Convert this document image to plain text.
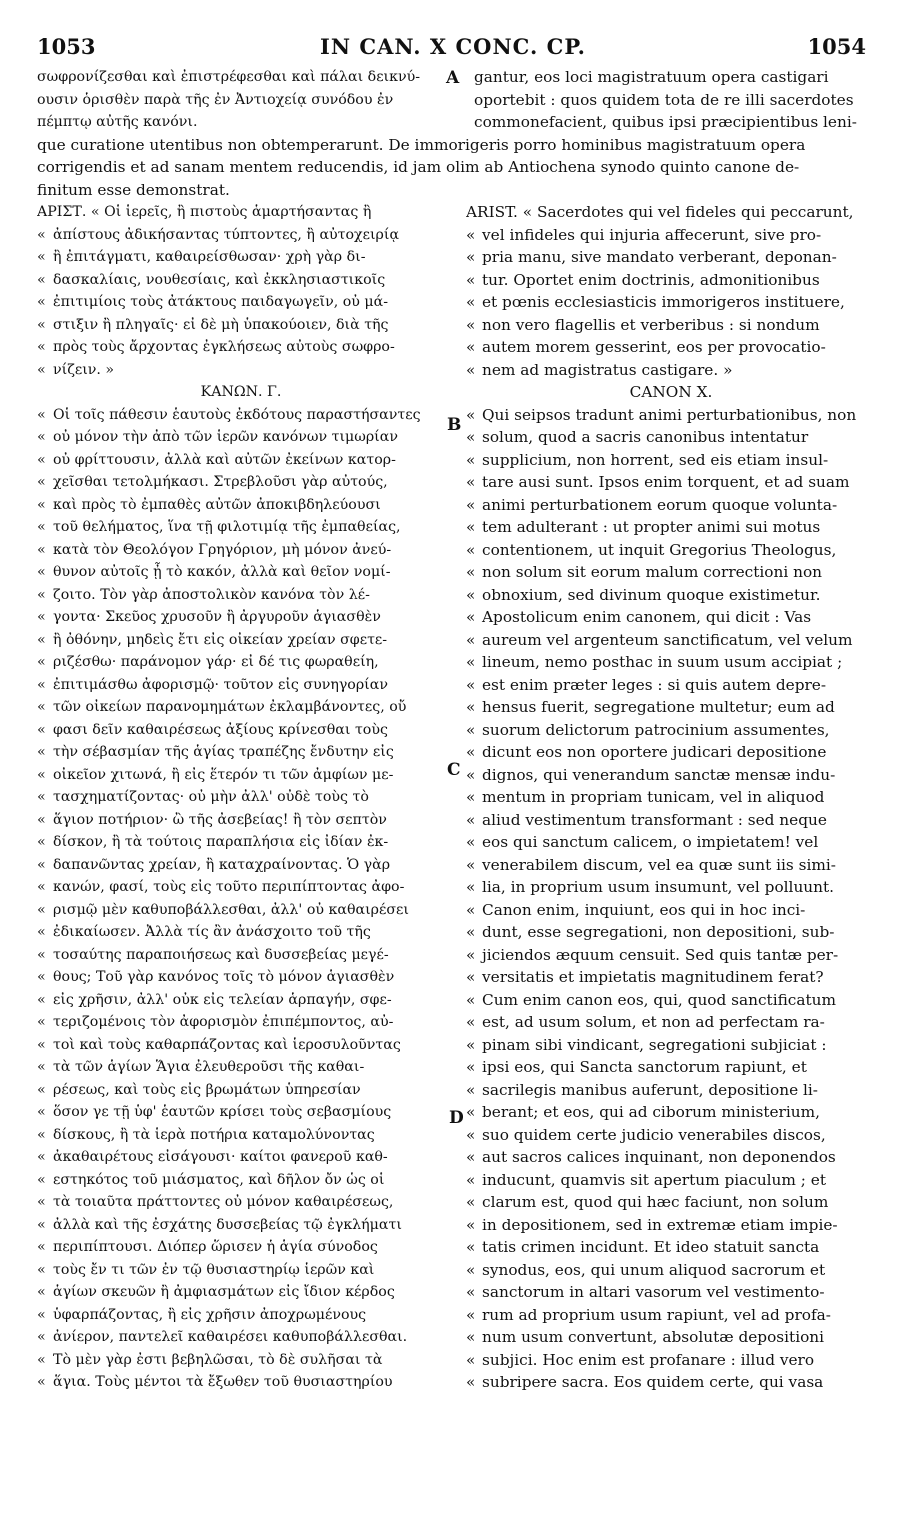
1053	IN CAN. X CONC. CP.	1054
σωφρονίζεσθαι καὶ ἐπιστρέφεσθαι καὶ πάλαι δεικνύ-
ουσιν ὁρισθὲν παρὰ τῆς ἐν Ἀντιοχείᾳ συνόδου ἐν
πέμπτῳ αὐτῆς κανόνι.
gantur, eos loci magistratuum opera castigari
oportebit : quos quidem tota de re illi sacerdotes
commonefacient, quibus ipsi præcipientibus leni-
que curatione utentibus non obtemperarunt. De immorigeris porro hominibus magistratuum opera
corrigendis et ad sanam mentem reducendis, id jam olim ab Antiochena synodo quinto canone de-
finitum esse demonstrat.
A
B
C
D
ΑΡΙΣΤ. « Οἱ ἱερεῖς, ἢ πιστοὺς ἁμαρτήσαντας ἢ
« ἀπίστους ἀδικήσαντας τύπτοντες, ἢ αὐτοχειρίᾳ
« ἢ ἐπιτάγματι, καθαιρείσθωσαν· χρὴ γὰρ δι-
« δασκαλίαις, νουθεσίαις, καὶ ἐκκλησιαστικοῖς
« ἐπιτιμίοις τοὺς ἀτάκτους παιδαγωγεῖν, οὐ μά-
« στιξιν ἢ πληγαῖς· εἰ δὲ μὴ ὑπακούοιεν, διὰ τῆς
« πρὸς τοὺς ἄρχοντας ἐγκλήσεως αὐτοὺς σωφρο-
« νίζειν. »
ΚΑΝΩΝ. Γ.
« Οἱ τοῖς πάθεσιν ἑαυτοὺς ἐκδότους παραστήσαντες
« οὐ μόνον τὴν ἀπὸ τῶν ἱερῶν κανόνων τιμωρίαν
« οὐ φρίττουσιν, ἀλλὰ καὶ αὐτῶν ἐκείνων κατορ-
« χεῖσθαι τετολμήκασι. Στρεβλοῦσι γὰρ αὐτούς,
« καὶ πρὸς τὸ ἐμπαθὲς αὐτῶν ἀποκιβδηλεύουσι
« τοῦ θελήματος, ἵνα τῇ φιλοτιμίᾳ τῆς ἐμπαθείας,
« κατὰ τὸν Θεολόγον Γρηγόριον, μὴ μόνον ἀνεύ-
« θυνον αὐτοῖς ᾖ τὸ κακόν, ἀλλὰ καὶ θεῖον νομί-
« ζοιτο. Τὸν γὰρ ἀποστολικὸν κανόνα τὸν λέ-
« γοντα· Σκεῦος χρυσοῦν ἢ ἀργυροῦν ἁγιασθὲν
« ἢ ὀθόνην, μηδεὶς ἔτι εἰς οἰκείαν χρείαν σφετε-
« ριζέσθω· παράνομον γάρ· εἰ δέ τις φωραθείη,
« ἐπιτιμάσθω ἀφορισμῷ· τοῦτον εἰς συνηγορίαν
« τῶν οἰκείων παρανομημάτων ἐκλαμβάνοντες, οὔ
« φασι δεῖν καθαιρέσεως ἀξίους κρίνεσθαι τοὺς
« τὴν σέβασμίαν τῆς ἁγίας τραπέζης ἔνδυτην εἰς
« οἰκεῖον χιτωνά, ἢ εἰς ἕτερόν τι τῶν ἀμφίων με-
« τασχηματίζοντας· οὐ μὴν ἀλλ' οὐδὲ τοὺς τὸ
« ἅγιον ποτήριον· ὢ τῆς ἀσεβείας! ἢ τὸν σεπτὸν
« δίσκον, ἢ τὰ τούτοις παραπλήσια εἰς ἰδίαν ἐκ-
« δαπανῶντας χρείαν, ἢ καταχραίνοντας. Ὁ γὰρ
« κανών, φασί, τοὺς εἰς τοῦτο περιπίπτοντας ἀφο-
« ρισμῷ μὲν καθυποβάλλεσθαι, ἀλλ' οὐ καθαιρέσει
« ἐδικαίωσεν. Ἀλλὰ τίς ἂν ἀνάσχοιτο τοῦ τῆς
« τοσαύτης παραποιήσεως καὶ δυσσεβείας μεγέ-
« θους; Τοῦ γὰρ κανόνος τοῖς τὸ μόνον ἁγιασθὲν
« εἰς χρῆσιν, ἀλλ' οὐκ εἰς τελείαν ἁρπαγήν, σφε-
« τεριζομένοις τὸν ἀφορισμὸν ἐπιπέμποντος, αὐ-
« τοὶ καὶ τοὺς καθαρπάζοντας καὶ ἱεροσυλοῦντας
« τὰ τῶν ἁγίων Ἅγια ἐλευθεροῦσι τῆς καθαι-
« ρέσεως, καὶ τοὺς εἰς βρωμάτων ὑπηρεσίαν
« ὅσον γε τῇ ὑφ' ἑαυτῶν κρίσει τοὺς σεβασμίους
« δίσκους, ἢ τὰ ἱερὰ ποτήρια καταμολύνοντας
« ἀκαθαιρέτους εἰσάγουσι· καίτοι φανεροῦ καθ-
« εστηκότος τοῦ μιάσματος, καὶ δῆλον ὄν ὡς οἱ
« τὰ τοιαῦτα πράττοντες οὐ μόνον καθαιρέσεως,
« ἀλλὰ καὶ τῆς ἐσχάτης δυσσεβείας τῷ ἐγκλήματι
« περιπίπτουσι. Διόπερ ὥρισεν ἡ ἁγία σύνοδος
« τοὺς ἔν τι τῶν ἐν τῷ θυσιαστηρίῳ ἱερῶν καὶ
« ἁγίων σκευῶν ἢ ἀμφιασμάτων εἰς ἴδιον κέρδος
« ὑφαρπάζοντας, ἢ εἰς χρῆσιν ἀποχρωμένους
« ἀνίερον, παντελεῖ καθαιρέσει καθυποβάλλεσθαι.
« Τὸ μὲν γὰρ ἐστι βεβηλῶσαι, τὸ δὲ συλῆσαι τὰ
« ἅγια. Τοὺς μέντοι τὰ ἔξωθεν τοῦ θυσιαστηρίου
ARIST. « Sacerdotes qui vel fideles qui peccarunt,
« vel infideles qui injuria affecerunt, sive pro-
« pria manu, sive mandato verberant, deponan-
« tur. Oportet enim doctrinis, admonitionibus
« et pœnis ecclesiasticis immorigeros instituere,
« non vero flagellis et verberibus : si nondum
« autem morem gesserint, eos per provocatio-
« nem ad magistratus castigare. »
CANON X.
« Qui seipsos tradunt animi perturbationibus, non
« solum, quod a sacris canonibus intentatur
« supplicium, non horrent, sed eis etiam insul-
« tare ausi sunt. Ipsos enim torquent, et ad suam
« animi perturbationem eorum quoque volunta-
« tem adulterant : ut propter animi sui motus
« contentionem, ut inquit Gregorius Theologus,
« non solum sit eorum malum correctioni non
« obnoxium, sed divinum quoque existimetur.
« Apostolicum enim canonem, qui dicit : Vas
« aureum vel argenteum sanctificatum, vel velum
« lineum, nemo posthac in suum usum accipiat ;
« est enim præter leges : si quis autem depre-
« hensus fuerit, segregatione multetur; eum ad
« suorum delictorum patrocinium assumentes,
« dicunt eos non oportere judicari depositione
« dignos, qui venerandum sanctæ mensæ indu-
« mentum in propriam tunicam, vel in aliquod
« aliud vestimentum transformant : sed neque
« eos qui sanctum calicem, o impietatem! vel
« venerabilem discum, vel ea quæ sunt iis simi-
« lia, in proprium usum insumunt, vel polluunt.
« Canon enim, inquiunt, eos qui in hoc inci-
« dunt, esse segregationi, non depositioni, sub-
« jiciendos æquum censuit. Sed quis tantæ per-
« versitatis et impietatis magnitudinem ferat?
« Cum enim canon eos, qui, quod sanctificatum
« est, ad usum solum, et non ad perfectam ra-
« pinam sibi vindicant, segregationi subjiciat :
« ipsi eos, qui Sancta sanctorum rapiunt, et
« sacrilegis manibus auferunt, depositione li-
« berant; et eos, qui ad ciborum ministerium,
« suo quidem certe judicio venerabiles discos,
« aut sacros calices inquinant, non deponendos
« inducunt, quamvis sit apertum piaculum ; et
« clarum est, quod qui hæc faciunt, non solum
« in depositionem, sed in extremæ etiam impie-
« tatis crimen incidunt. Et ideo statuit sancta
« synodus, eos, qui unum aliquod sacrorum et
« sanctorum in altari vasorum vel vestimento-
« rum ad proprium usum rapiunt, vel ad profa-
« num usum convertunt, absolutæ depositioni
« subjici. Hoc enim est profanare : illud vero
« subripere sacra. Eos quidem certe, qui vasa
